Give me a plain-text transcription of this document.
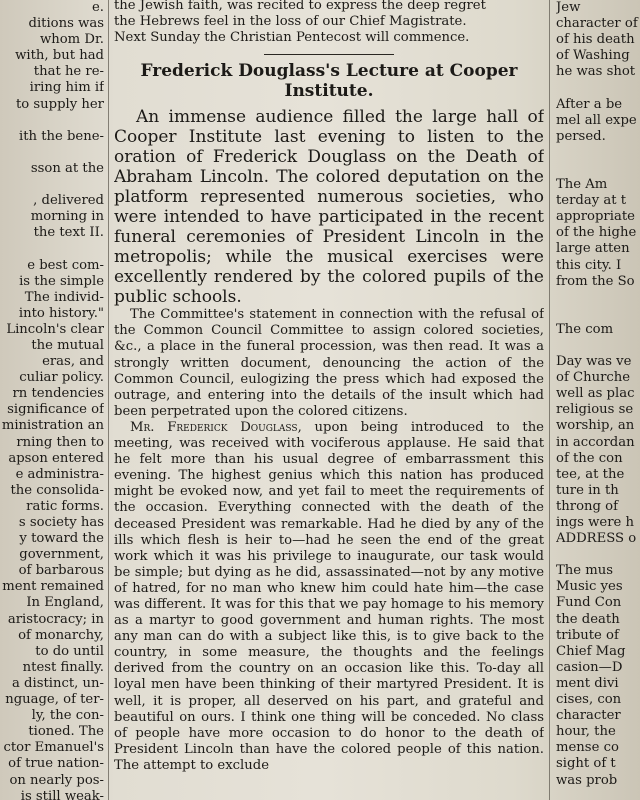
e.
ditions was
whom Dr.
with, but had
that he re-
iring him if
to supply her

ith the bene-

sson at the

, delivered
morning in
the text II.

e best com-
is the simple
The individ-
into history."
Lincoln's clear
the mutual
eras, and
culiar policy.
rn tendencies
significance of
ministration an
rning then to
apson entered
e administra-
the consolida-
ratic forms.
s society has
y toward the
government,
of barbarous
ment remained
In England,
aristocracy; in
of monarchy,
to do until
ntest finally.
a distinct, un-
nguage, of ter-
ly, the con-
tioned. The
ctor Emanuel's
of true nation-
on nearly pos-
is still weak-

the Jewish faith, was recited to express the deep regret

the Hebrews feel in the loss of our Chief Magistrate.

Next Sunday the Christian Pentecost will commence.

Frederick Douglass's Lecture at Cooper Institute.

An immense audience filled the large hall of Cooper Institute last evening to listen to the oration of Frederick Douglass on the Death of Abraham Lincoln. The colored deputation on the platform represented numerous societies, who were intended to have participated in the recent funeral ceremonies of President Lincoln in the metropolis; while the musical exercises were excellently rendered by the colored pupils of the public schools.

The Committee's statement in connection with the refusal of the Common Council Committee to assign colored societies, &c., a place in the funeral procession, was then read. It was a strongly written document, denouncing the action of the Common Council, eulogizing the press which had exposed the outrage, and entering into the details of the insult which had been perpetrated upon the colored citizens.

Mr. Frederick Douglass, upon being introduced to the meeting, was received with vociferous applause. He said that he felt more than his usual degree of embarrassment this evening. The highest genius which this nation has produced might be evoked now, and yet fail to meet the requirements of the occasion. Everything connected with the death of the deceased President was remarkable. Had he died by any of the ills which flesh is heir to—had he seen the end of the great work which it was his privilege to inaugurate, our task would be simple; but dying as he did, assassinated—not by any motive of hatred, for no man who knew him could hate him—the case was different. It was for this that we pay homage to his memory as a martyr to good government and human rights. The most any man can do with a subject like this, is to give back to the country, in some measure, the thoughts and the feelings derived from the country on an occasion like this. To-day all loyal men have been thinking of their martyred President. It is well, it is proper, all deserved on his part, and grateful and beautiful on ours. I think one thing will be conceded. No class of people have more occasion to do honor to the death of President Lincoln than have the colored people of this nation. The attempt to exclude

Jew
character of
of his death
of Washing
he was shot

After a be
mel all expe
persed.

The Am
terday at t
appropriate
of the highe
large atten
this city. I
from the So

The com

Day was ve
of Churche
well as plac
religious se
worship, an
in accordan
of the con
tee, at the
ture in th
throng of
ings were h
ADDRESS o

The mus
Music yes
Fund Con
the death
tribute of
Chief Mag
casion—D
ment divi
cises, con
character
hour, the
mense co
sight of t
was prob
